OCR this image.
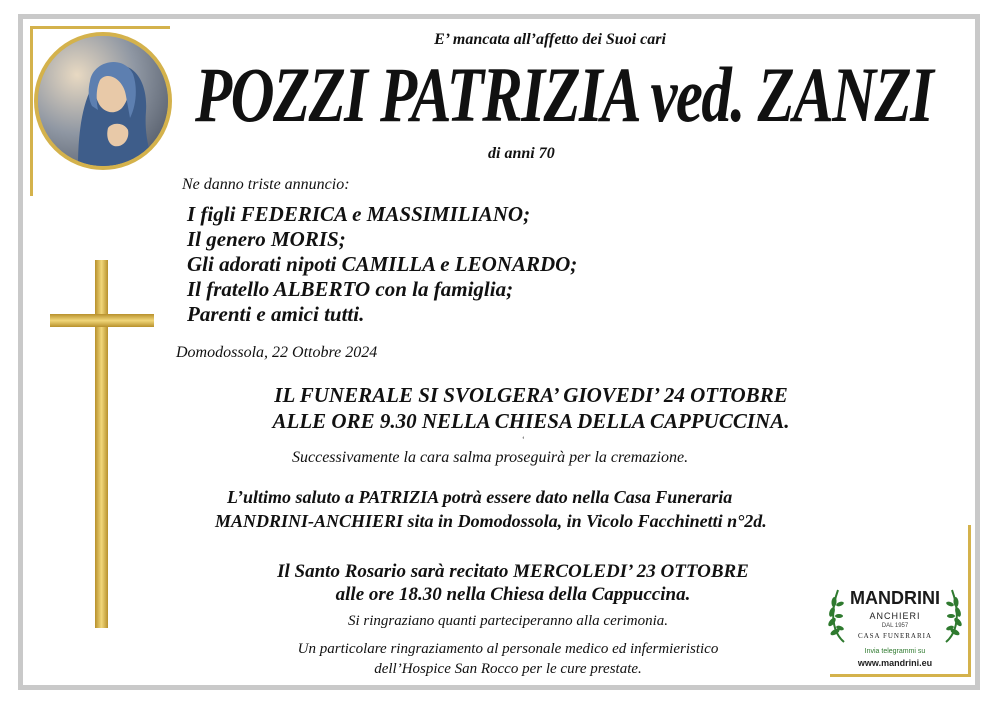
E’ mancata all’affetto dei Suoi cari
POZZI PATRIZIA ved. ZANZI
di anni 70
Ne danno triste annuncio:
I figli FEDERICA e MASSIMILIANO;
Il genero MORIS;
Gli adorati nipoti CAMILLA e LEONARDO;
Il fratello ALBERTO con la famiglia;
Parenti e amici tutti.
Domodossola, 22 Ottobre 2024
IL FUNERALE SI SVOLGERA’ GIOVEDI’ 24 OTTOBRE
ALLE ORE 9.30 NELLA CHIESA DELLA CAPPUCCINA.
‘
Successivamente la cara salma proseguirà per la cremazione.
L’ultimo saluto a PATRIZIA potrà essere dato nella Casa Funeraria
MANDRINI-ANCHIERI sita in Domodossola, in Vicolo Facchinetti n°2d.
Il Santo Rosario sarà recitato MERCOLEDI’ 23 OTTOBRE
alle ore 18.30 nella Chiesa della Cappuccina.
Si ringraziano quanti parteciperanno alla cerimonia.
Un particolare ringraziamento al personale medico ed infermieristico
dell’Hospice San Rocco per le cure prestate.
MANDRINI
ANCHIERI
DAL 1957
CASA FUNERARIA
Invia telegrammi su
www.mandrini.eu
